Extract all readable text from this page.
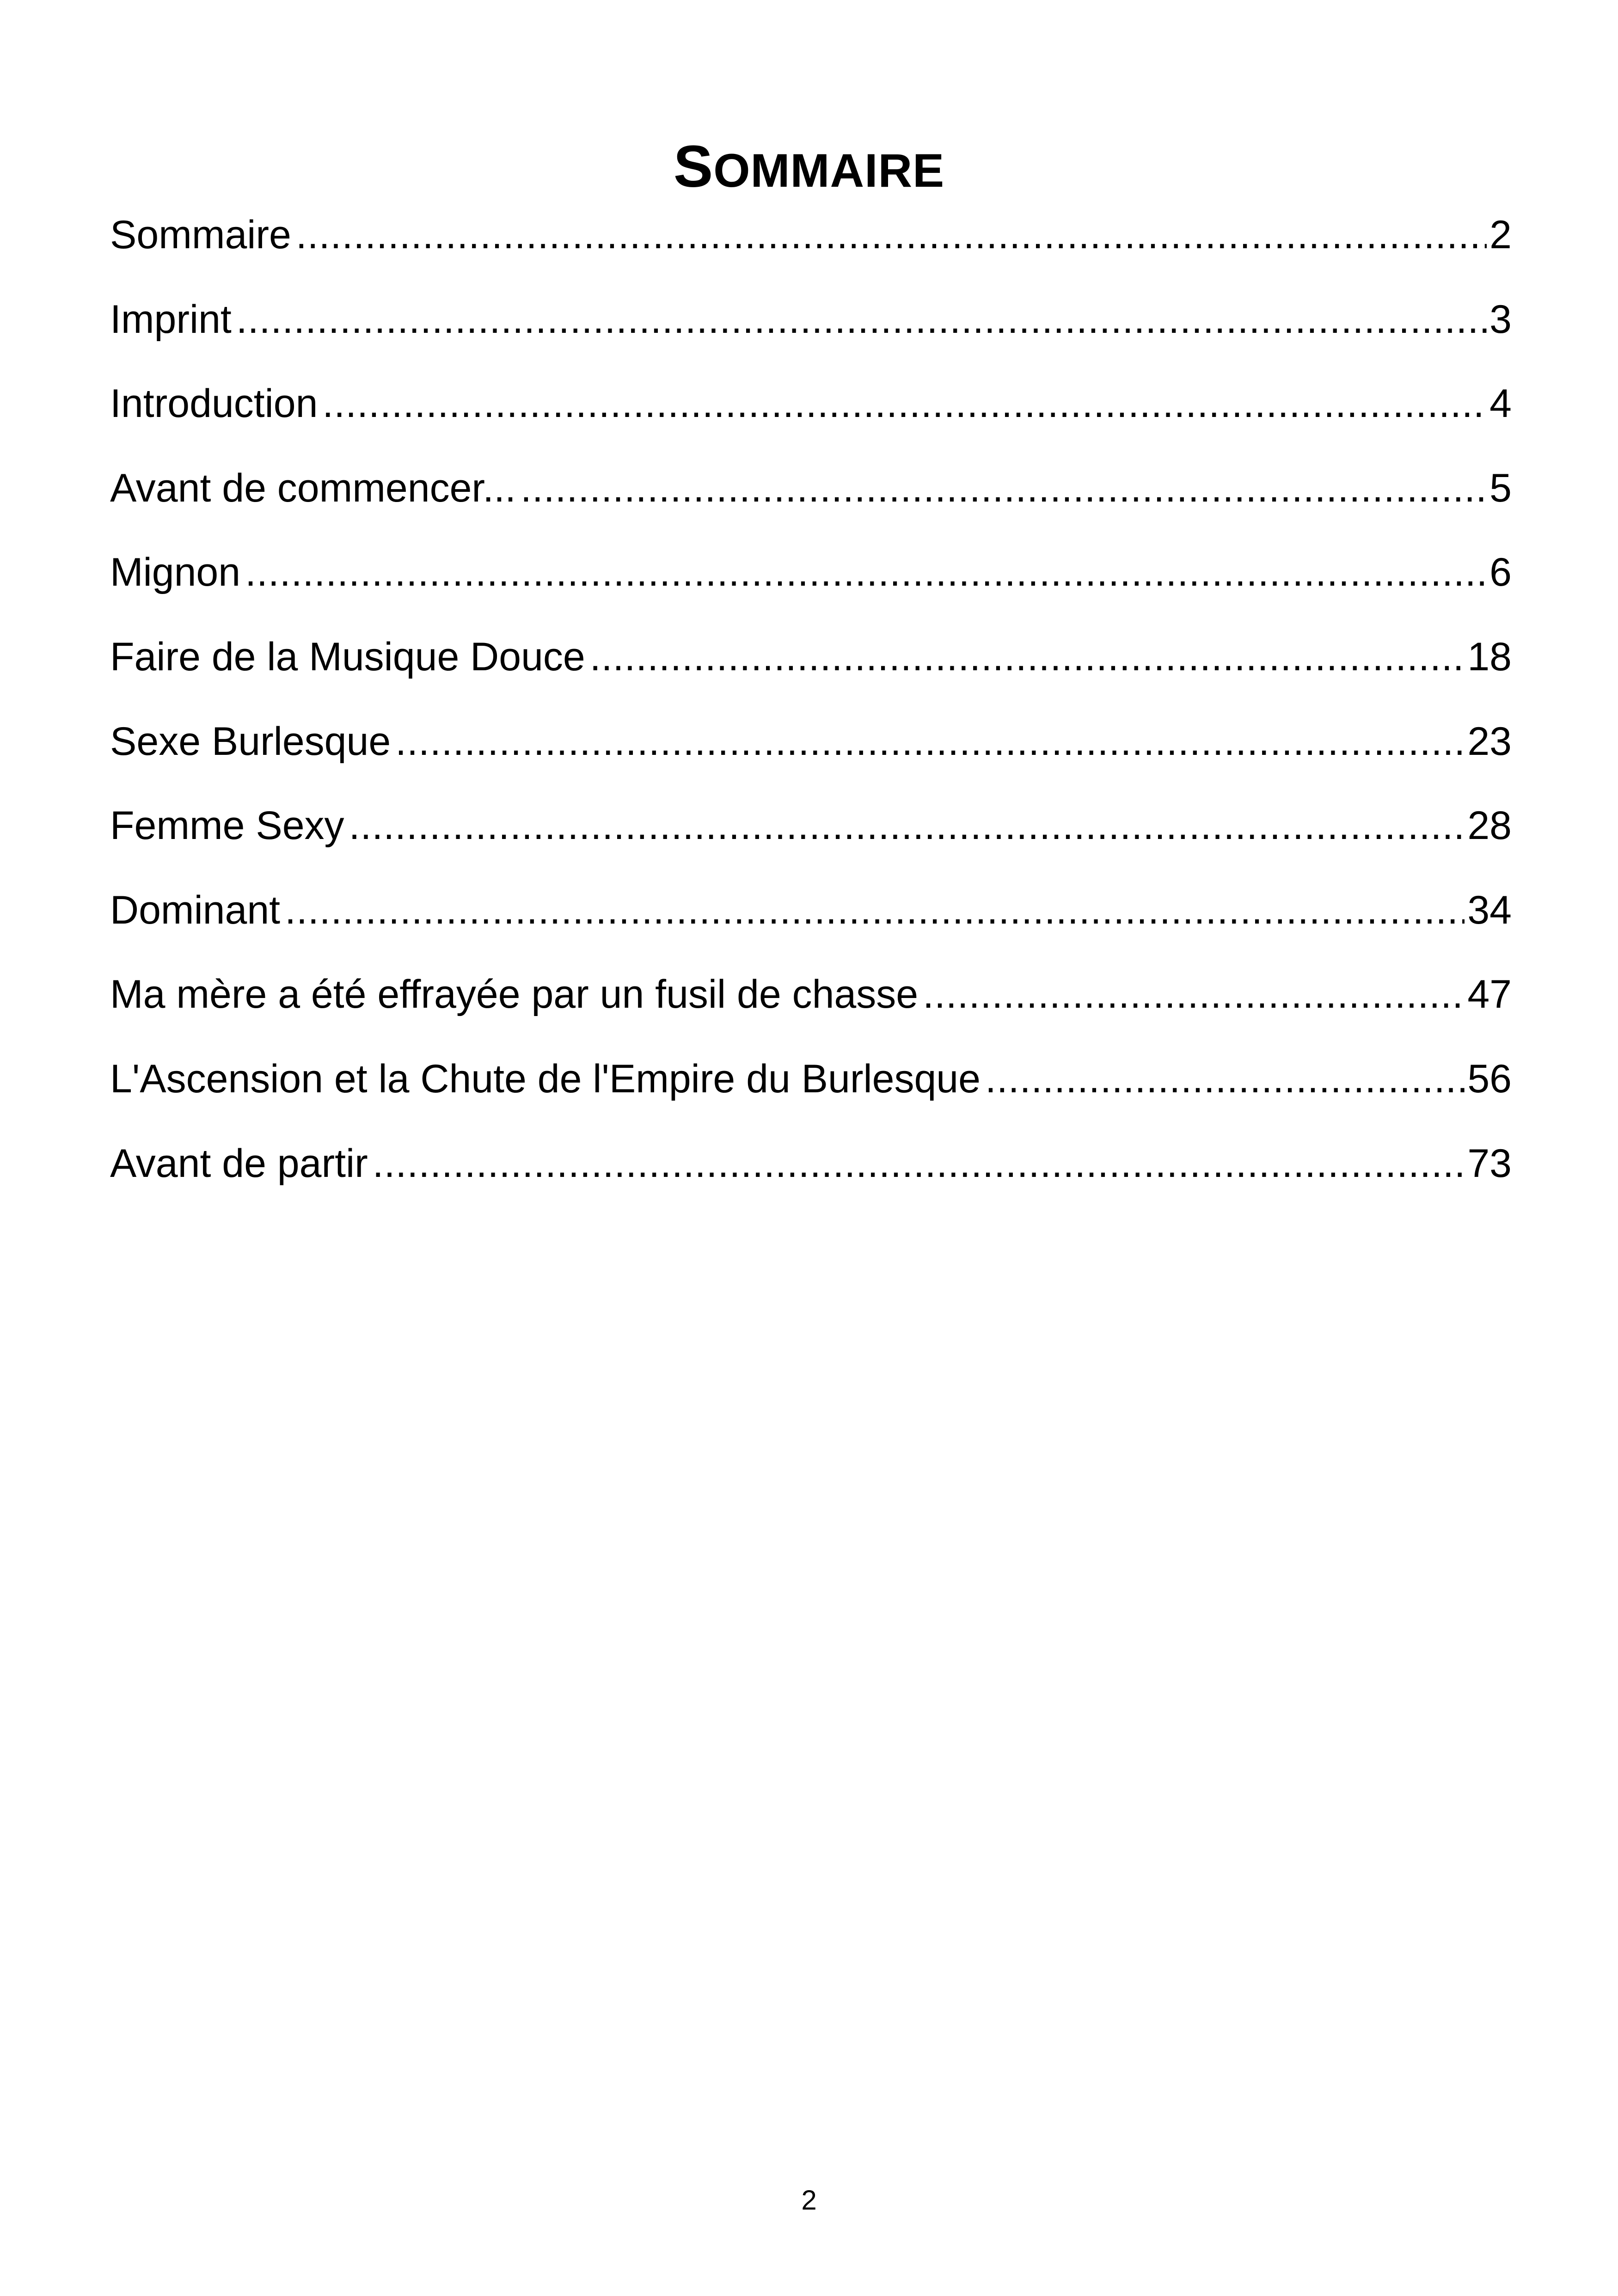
SOMMAIRE
Sommaire .....	2
Imprint .....	3
Introduction .....	4
Avant de commencer... .....	5
Mignon .....	6
Faire de la Musique Douce .....	18
Sexe Burlesque .....	23
Femme Sexy .....	28
Dominant .....	34
Ma mère a été effrayée par un fusil de chasse .....	47
L'Ascension et la Chute de l'Empire du Burlesque .....	56
Avant de partir .....	73
2
